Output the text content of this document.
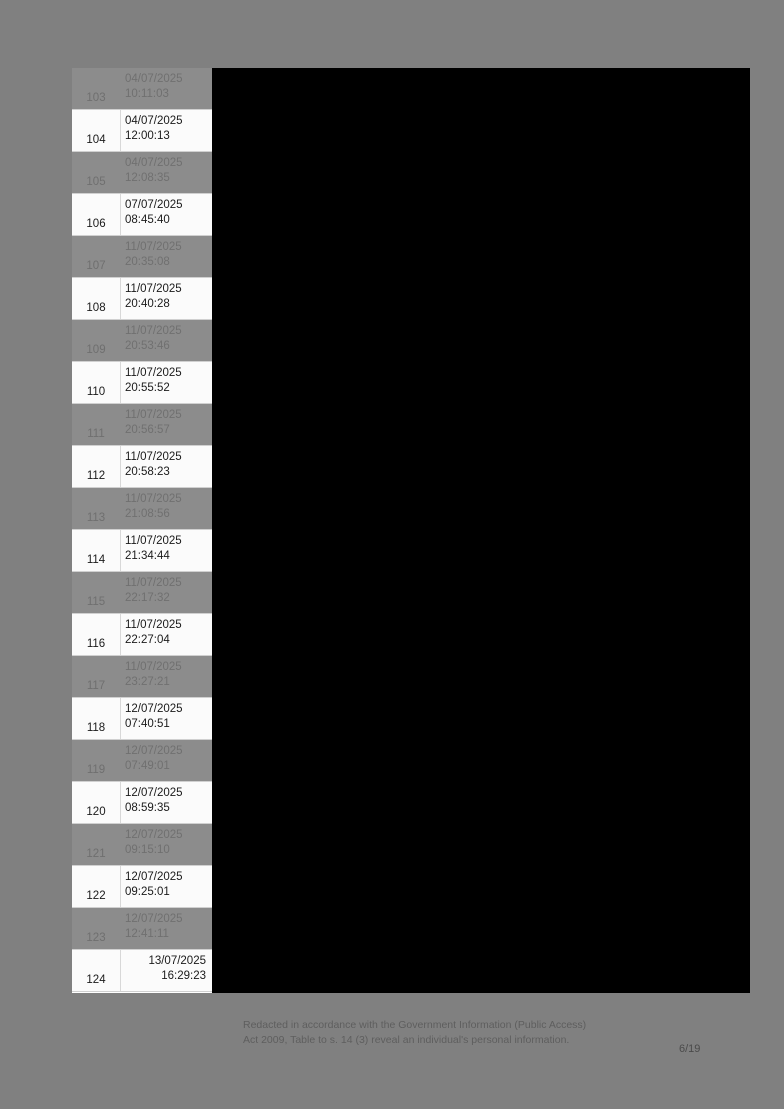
103
04/07/2025
10:11:03
104
04/07/2025
12:00:13
105
04/07/2025
12:08:35
106
07/07/2025
08:45:40
107
11/07/2025
20:35:08
108
11/07/2025
20:40:28
109
11/07/2025
20:53:46
110
11/07/2025
20:55:52
111
11/07/2025
20:56:57
112
11/07/2025
20:58:23
113
11/07/2025
21:08:56
114
11/07/2025
21:34:44
115
11/07/2025
22:17:32
116
11/07/2025
22:27:04
117
11/07/2025
23:27:21
118
12/07/2025
07:40:51
119
12/07/2025
07:49:01
120
12/07/2025
08:59:35
121
12/07/2025
09:15:10
122
12/07/2025
09:25:01
123
12/07/2025
12:41:11
124
13/07/2025
16:29:23
Redacted in accordance with the Government Information (Public Access)
Act 2009, Table to s. 14 (3) reveal an individual's personal information.
6/19
